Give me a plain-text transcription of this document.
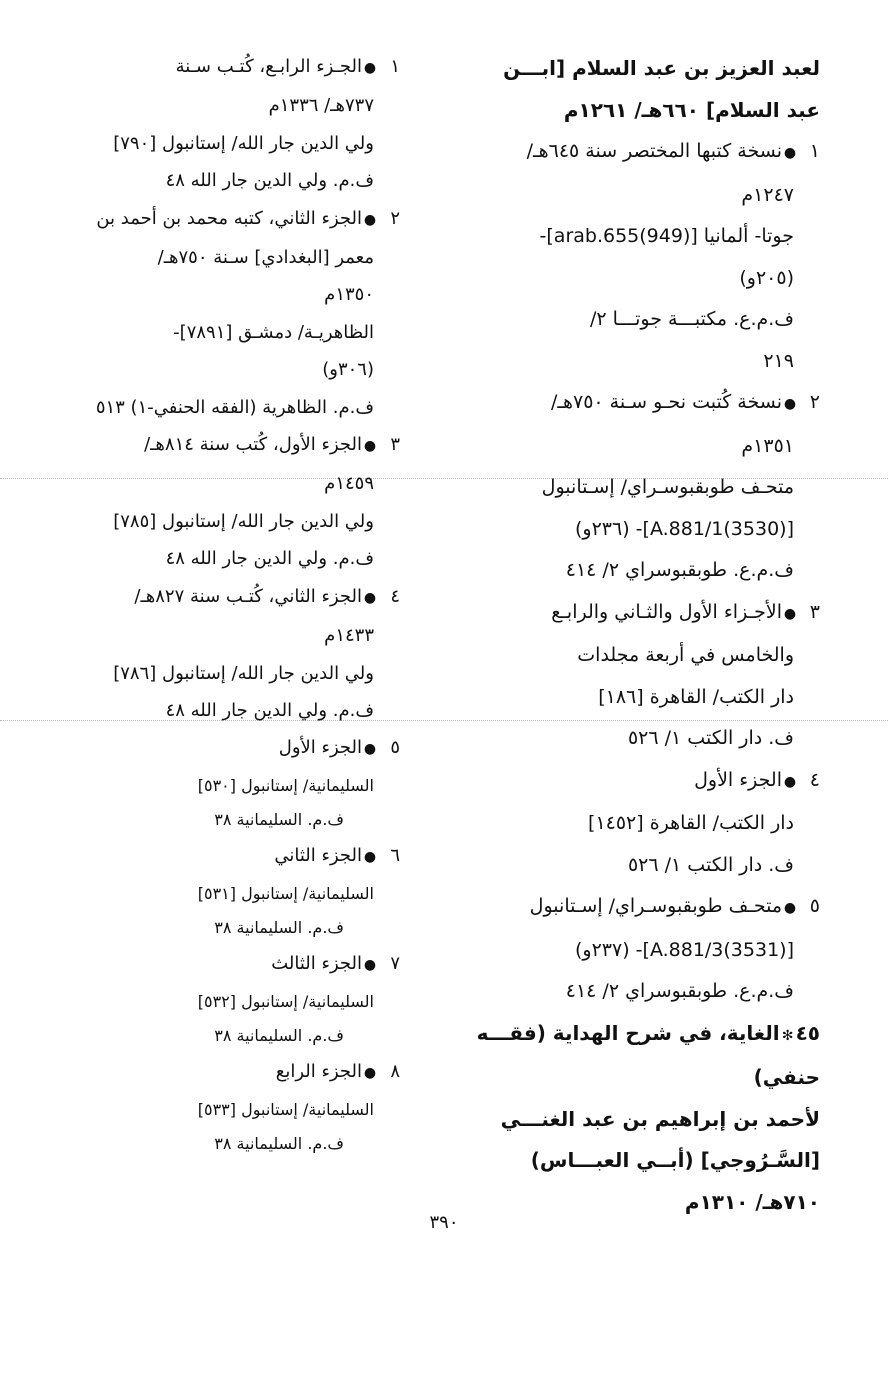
لعبد العزيز بن عبد السلام [ابـــن
عبد السلام] ٦٦٠هـ/ ١٢٦١م
١●نسخة كتبها المختصر سنة ٦٤٥هـ/
١٢٤٧م
جوتا- ألمانيا [arab.655(949)]-
(٢٠٥و)
ف.م.ع. مكتبـــة جوتـــا ٢/
٢١٩
٢●نسخة كُتبت نحـو سـنة ٧٥٠هـ/
١٣٥١م
متحـف طوبقبوسـراي/ إسـتانبول
[A.881/1(3530)]- (٢٣٦و)
ف.م.ع. طوبقبوسراي ٢/ ٤١٤
٣●الأجـزاء الأول والثـاني والرابـع
والخامس في أربعة مجلدات
دار الكتب/ القاهرة [١٨٦]
ف. دار الكتب ١/ ٥٢٦
٤●الجزء الأول
دار الكتب/ القاهرة [١٤٥٢]
ف. دار الكتب ١/ ٥٢٦
٥●متحـف طوبقبوسـراي/ إسـتانبول
[A.881/3(3531)]- (٢٣٧و)
ف.م.ع. طوبقبوسراي ٢/ ٤١٤
٤٥✻الغاية، في شرح الهداية (فقـــه
حنفي)
لأحمد بن إبراهيم بن عبد الغنـــي
[السَّـرُوجي] (أبــي العبـــاس)
٧١٠هـ/ ١٣١٠م
١●الجـزء الرابـع، كُتـب سـنة
٧٣٧هـ/ ١٣٣٦م
ولي الدين جار الله/ إستانبول [٧٩٠]
ف.م. ولي الدين جار الله ٤٨
٢●الجزء الثاني، كتبه محمد بن أحمد بن
معمر [البغدادي] سـنة ٧٥٠هـ/
١٣٥٠م
الظاهريـة/ دمشـق [٧٨٩١]-
(٣٠٦و)
ف.م. الظاهرية (الفقه الحنفي-١) ٥١٣
٣●الجزء الأول، كُتب سنة ٨١٤هـ/
١٤٥٩م
ولي الدين جار الله/ إستانبول [٧٨٥]
ف.م. ولي الدين جار الله ٤٨
٤●الجزء الثاني، كُتـب سنة ٨٢٧هـ/
١٤٣٣م
ولي الدين جار الله/ إستانبول [٧٨٦]
ف.م. ولي الدين جار الله ٤٨
٥●الجزء الأول
السليمانية/ إستانبول [٥٣٠]
ف.م. السليمانية ٣٨
٦●الجزء الثاني
السليمانية/ إستانبول [٥٣١]
ف.م. السليمانية ٣٨
٧●الجزء الثالث
السليمانية/ إستانبول [٥٣٢]
ف.م. السليمانية ٣٨
٨●الجزء الرابع
السليمانية/ إستانبول [٥٣٣]
ف.م. السليمانية ٣٨
٣٩٠
